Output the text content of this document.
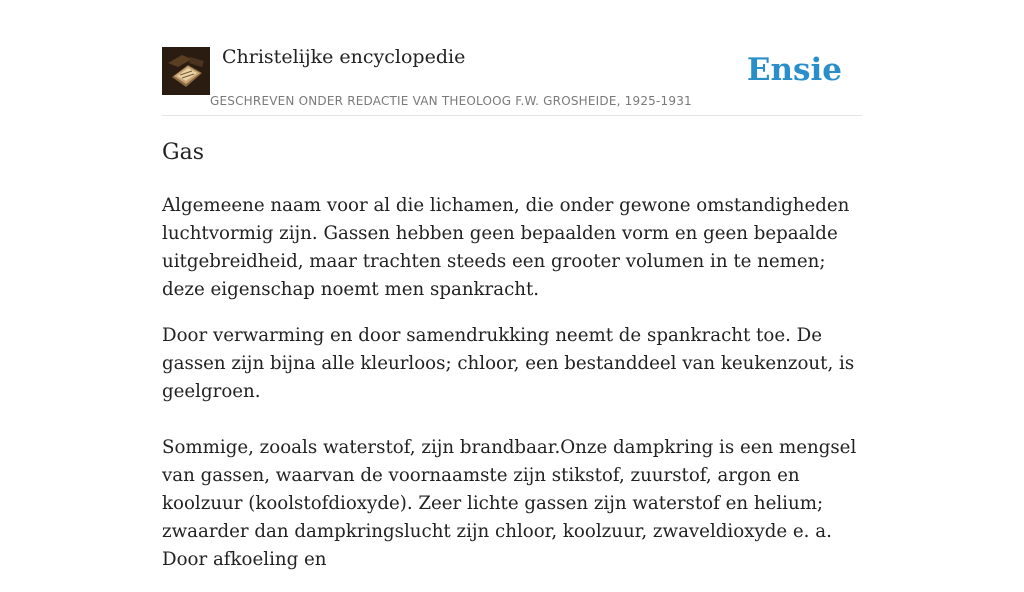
Christelijke encyclopedie
GESCHREVEN ONDER REDACTIE VAN THEOLOOG F.W. GROSHEIDE, 1925-1931
Ensie
Gas

Algemeene naam voor al die lichamen, die onder gewone omstandigheden luchtvormig zijn. Gassen hebben geen bepaalden vorm en geen bepaalde uitgebreidheid, maar trachten steeds een grooter volumen in te nemen; deze eigenschap noemt men spankracht.

Door verwarming en door samendrukking neemt de spankracht toe. De gassen zijn bijna alle kleurloos; chloor, een bestanddeel van keukenzout, is geelgroen.

Sommige, zooals waterstof, zijn brandbaar.Onze dampkring is een mengsel van gassen, waarvan de voornaamste zijn stikstof, zuurstof, argon en koolzuur (koolstofdioxyde). Zeer lichte gassen zijn waterstof en helium; zwaarder dan dampkringslucht zijn chloor, koolzuur, zwaveldioxyde e. a. Door afkoeling en
